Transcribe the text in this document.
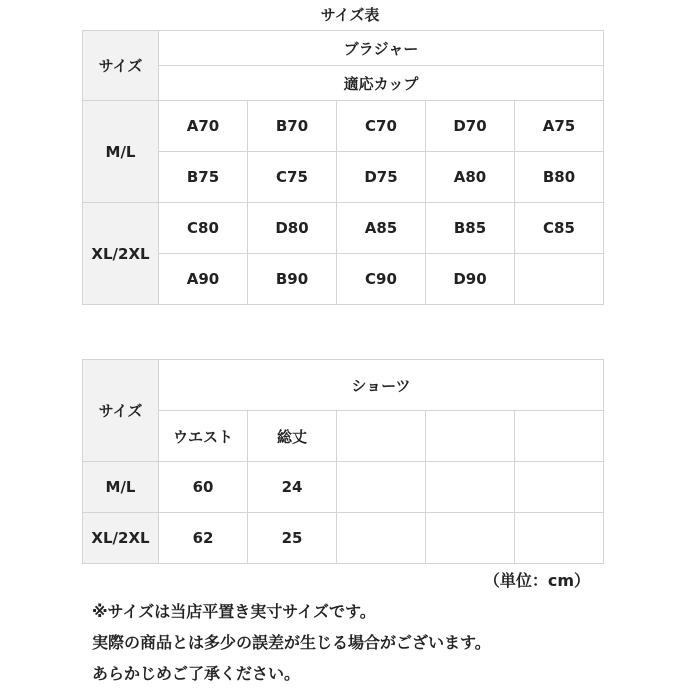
サイズ表
サイズ	ブラジャー				
	適応カップ				
M/L	A70	B70	C70	D70	A75
	B75	C75	D75	A80	B80
XL/2XL	C80	D80	A85	B85	C85
	A90	B90	C90	D90	
サイズ	ショーツ				
	ウエスト	総丈			
M/L	60	24			
XL/2XL	62	25			
（単位：cm）
※サイズは当店平置き実寸サイズです。
実際の商品とは多少の誤差が生じる場合がございます。
あらかじめご了承ください。
